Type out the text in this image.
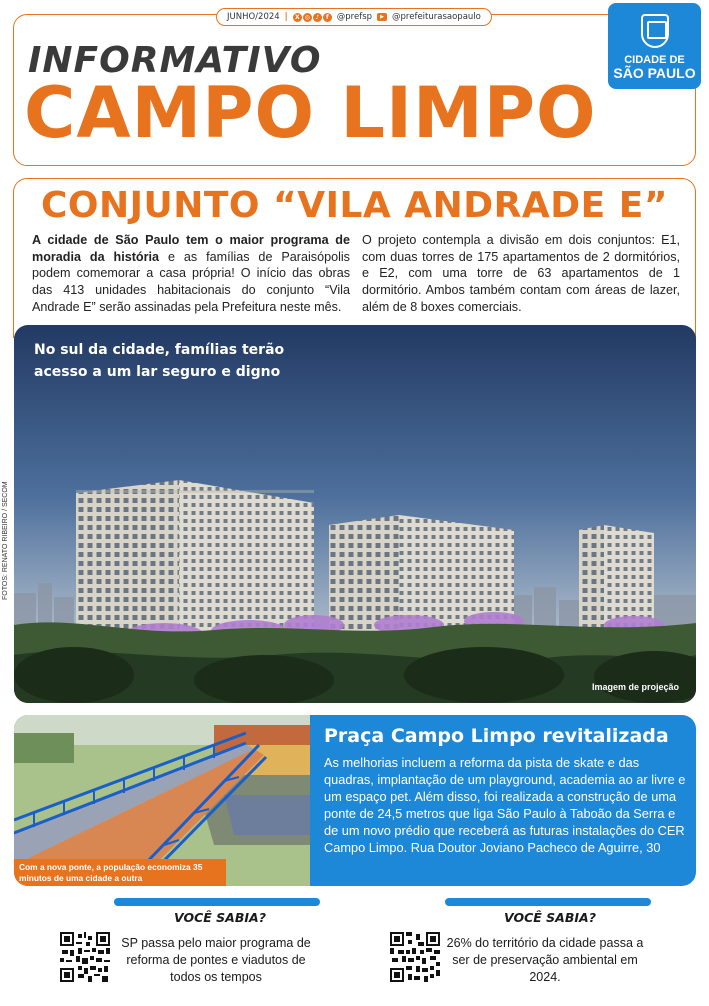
JUNHO/2024 |	X ◎ ♪	f @prefsp	▶ @prefeiturasaopaulo
INFORMATIVO
CAMPO LIMPO
CIDADE DE
SÃO PAULO
CONJUNTO “VILA ANDRADE E”
A cidade de São Paulo tem o maior programa de moradia da história e as famílias de Paraisópolis podem comemorar a casa própria! O início das obras das 413 unidades habitacionais do conjunto “Vila Andrade E” serão assinadas pela Prefeitura neste mês.
O projeto contempla a divisão em dois conjuntos: E1, com duas torres de 175 apartamentos de 2 dormitórios, e E2, com uma torre de 63 apartamentos de 1 dormitório. Ambos também contam com áreas de lazer, além de 8 boxes comerciais.
FOTOS: RENATO RIBEIRO / SECOM
No sul da cidade, famílias terão acesso a um lar seguro e digno
Imagem de projeção
Com a nova ponte, a população economiza 35 minutos de uma cidade a outra
Praça Campo Limpo revitalizada
As melhorias incluem a reforma da pista de skate e das quadras, implantação de um playground, academia ao ar livre e um espaço pet. Além disso, foi realizada a construção de uma ponte de 24,5 metros que liga São Paulo à Taboão da Serra e de um novo prédio que receberá as futuras instalações do CER Campo Limpo. Rua Doutor Joviano Pacheco de Aguirre, 30
VOCÊ SABIA?
SP passa pelo maior programa de reforma de pontes e viadutos de todos os tempos
VOCÊ SABIA?
26% do território da cidade passa a ser de preservação ambiental em 2024.
